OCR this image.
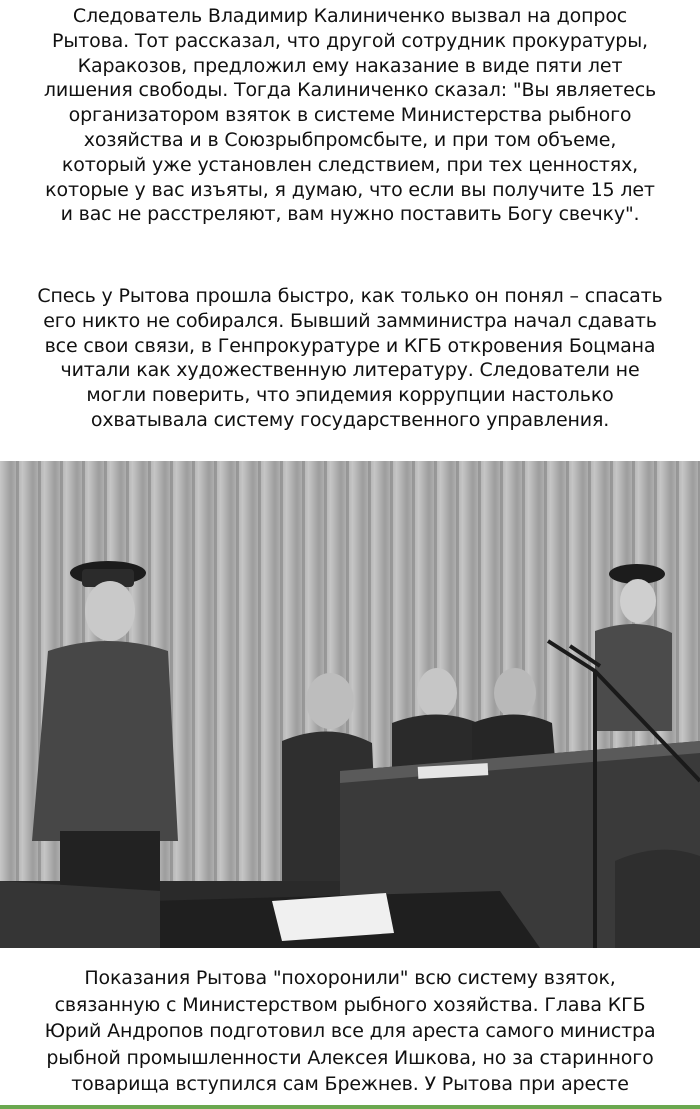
Следователь Владимир Калиниченко вызвал на допрос
Рытова. Тот рассказал, что другой сотрудник прокуратуры,
Каракозов, предложил ему наказание в виде пяти лет
лишения свободы. Тогда Калиниченко сказал: "Вы являетесь
организатором взяток в системе Министерства рыбного
хозяйства и в Союзрыбпромсбыте, и при том объеме,
который уже установлен следствием, при тех ценностях,
которые у вас изъяты, я думаю, что если вы получите 15 лет
и вас не расстреляют, вам нужно поставить Богу свечку".
Спесь у Рытова прошла быстро, как только он понял – спасать
его никто не собирался. Бывший замминистра начал сдавать
все свои связи, в Генпрокуратуре и КГБ откровения Боцмана
читали как художественную литературу. Следователи не
могли поверить, что эпидемия коррупции настолько
охватывала систему государственного управления.
Показания Рытова "похоронили" всю систему взяток,
связанную с Министерством рыбного хозяйства. Глава КГБ
Юрий Андропов подготовил все для ареста самого министра
рыбной промышленности Алексея Ишкова, но за старинного
товарища вступился сам Брежнев. У Рытова при аресте
